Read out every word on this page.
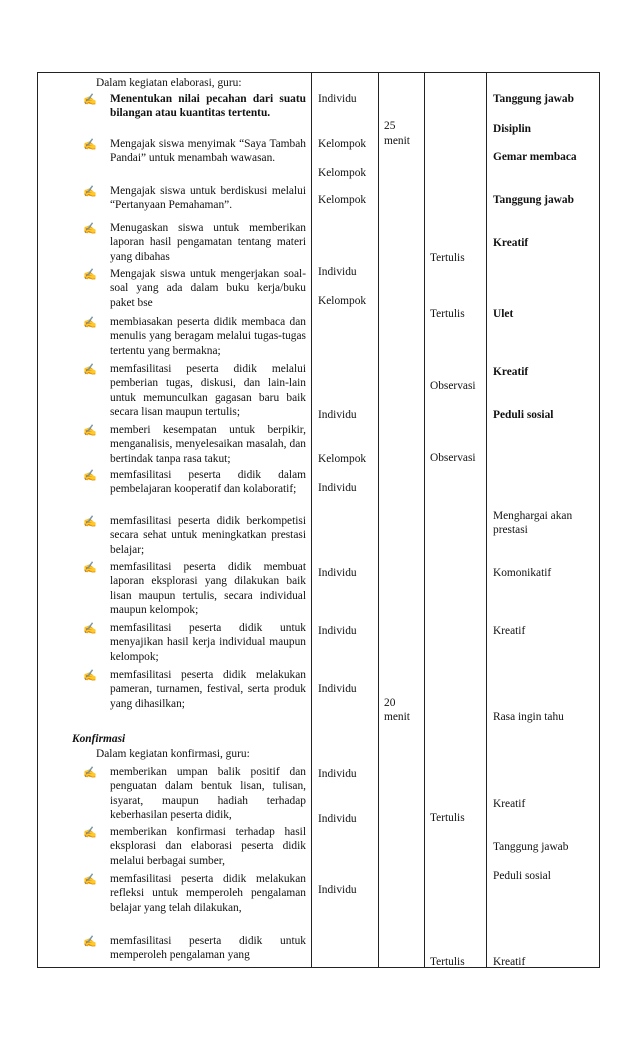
Dalam kegiatan elaborasi, guru:
✍ Menentukan nilai pecahan dari suatu bilangan atau kuantitas tertentu.
✍ Mengajak siswa menyimak “Saya Tambah Pandai” untuk menambah wawasan.
✍ Mengajak siswa untuk berdiskusi melalui “Pertanyaan Pemahaman”.
✍ Menugaskan siswa untuk memberikan laporan hasil pengamatan tentang materi yang dibahas
✍ Mengajak siswa untuk mengerjakan soal-soal yang ada dalam buku kerja/buku paket bse
✍ membiasakan peserta didik membaca dan menulis yang beragam melalui tugas-tugas tertentu yang bermakna;
✍ memfasilitasi peserta didik melalui pemberian tugas, diskusi, dan lain-lain untuk memunculkan gagasan baru baik secara lisan maupun tertulis;
✍ memberi kesempatan untuk berpikir, menganalisis, menyelesaikan masalah, dan bertindak tanpa rasa takut;
✍ memfasilitasi peserta didik dalam pembelajaran kooperatif dan kolaboratif;
✍ memfasilitasi peserta didik berkompetisi secara sehat untuk meningkatkan prestasi belajar;
✍ memfasilitasi peserta didik membuat laporan eksplorasi yang dilakukan baik lisan maupun tertulis, secara individual maupun kelompok;
✍ memfasilitasi peserta didik untuk menyajikan hasil kerja individual maupun kelompok;
✍ memfasilitasi peserta didik melakukan pameran, turnamen, festival, serta produk yang dihasilkan;
Konfirmasi
Dalam kegiatan konfirmasi, guru:
✍ memberikan umpan balik positif dan penguatan dalam bentuk lisan, tulisan, isyarat, maupun hadiah terhadap keberhasilan peserta didik,
✍ memberikan konfirmasi terhadap hasil eksplorasi dan elaborasi peserta didik melalui berbagai sumber,
✍ memfasilitasi peserta didik melakukan refleksi untuk memperoleh pengalaman belajar yang telah dilakukan,
✍ memfasilitasi peserta didik untuk memperoleh pengalaman yang
Individu
Kelompok
Kelompok
Kelompok
Individu
Kelompok
Individu
Kelompok
Individu
Individu
Individu
Individu
Individu
Individu
Individu
25
menit
20
menit
Tertulis
Tertulis
Observasi
Observasi
Tertulis
Tertulis
Tanggung jawab
Disiplin
Gemar membaca
Tanggung jawab
Kreatif
Ulet
Kreatif
Peduli sosial
Menghargai akan prestasi
Komonikatif
Kreatif
Rasa ingin tahu
Kreatif
Tanggung jawab
Peduli sosial
Kreatif
